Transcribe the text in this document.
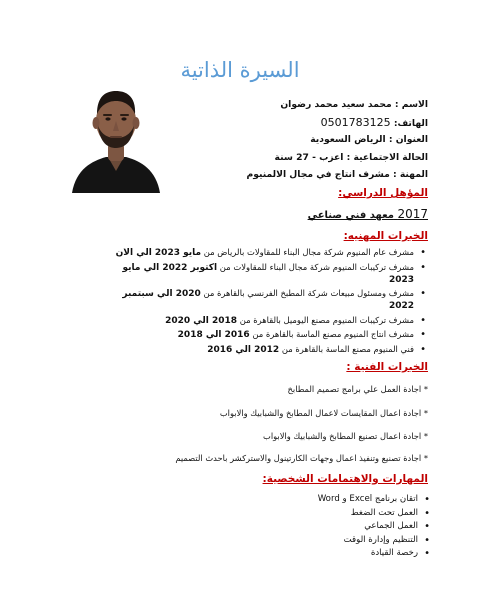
السيرة الذاتية
الاسم : محمد سعيد محمد رضوان
الهاتف: 0501783125
العنوان : الرياض السعودية
الحالة الاجتماعية : اعزب - 27 سنة
المهنة : مشرف انتاج في مجال الالمنيوم
المؤهل الدراسي:
2017 معهد فني صناعي
الخبرات المهنيه:
• مشرف عام المنيوم شركة مجال البناء للمقاولات بالرياض من مايو 2023 الي الان
• مشرف تركيبات المنيوم شركة مجال البناء للمقاولات من اكتوبر 2022 الي مايو 2023
• مشرف ومسئول مبيعات شركة المطبخ الفرنسي بالقاهرة من 2020 الي سبتمبر 2022
• مشرف تركيبات المنيوم مصنع اليوميل بالقاهرة من 2018 الي 2020
• مشرف انتاج المنيوم مصنع الماسة بالقاهرة من 2016 الي 2018
• فني المنيوم مصنع الماسة بالقاهرة من 2012 الي 2016
الخبرات الفنية :
* اجادة العمل علي برامج تصميم المطابخ
* اجادة اعمال المقايسات لاعمال المطابخ والشبابيك والابواب
* اجادة اعمال تصنيع المطابخ والشبابيك والابواب
* اجادة تصنيع وتنفيذ اعمال وجهات الكارتينول والاستركشر باحدث التصميم
المهارات والاهتمامات الشخصية:
• اتقان برنامج Excel و Word
• العمل تحت الضغط
• العمل الجماعي
• التنظيم وإدارة الوقت
• رخصة القيادة
